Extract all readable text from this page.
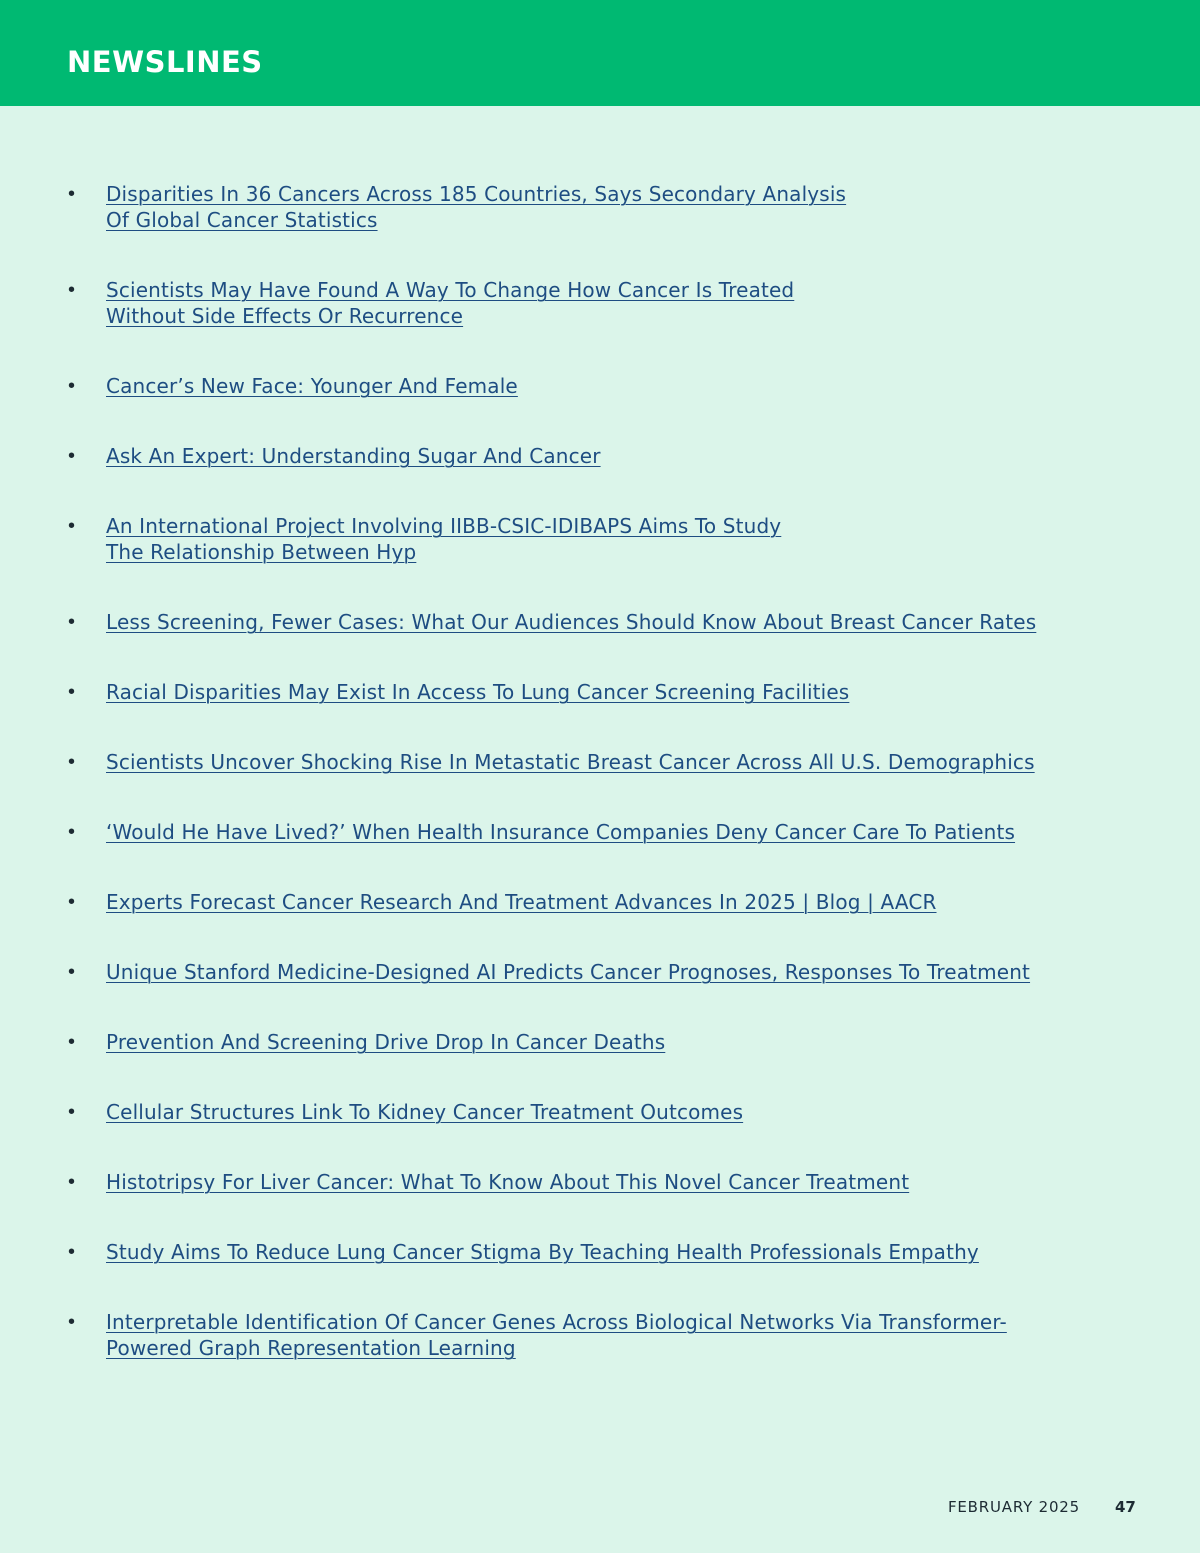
NEWSLINES
• Disparities In 36 Cancers Across 185 Countries, Says Secondary Analysis
Of Global Cancer Statistics
• Scientists May Have Found A Way To Change How Cancer Is Treated
Without Side Effects Or Recurrence
• Cancer’s New Face: Younger And Female
• Ask An Expert: Understanding Sugar And Cancer
• An International Project Involving IIBB-CSIC-IDIBAPS Aims To Study
The Relationship Between Hyp
• Less Screening, Fewer Cases: What Our Audiences Should Know About Breast Cancer Rates
• Racial Disparities May Exist In Access To Lung Cancer Screening Facilities
• Scientists Uncover Shocking Rise In Metastatic Breast Cancer Across All U.S. Demographics
• ‘Would He Have Lived?’ When Health Insurance Companies Deny Cancer Care To Patients
• Experts Forecast Cancer Research And Treatment Advances In 2025 | Blog | AACR
• Unique Stanford Medicine-Designed AI Predicts Cancer Prognoses, Responses To Treatment
• Prevention And Screening Drive Drop In Cancer Deaths
• Cellular Structures Link To Kidney Cancer Treatment Outcomes
• Histotripsy For Liver Cancer: What To Know About This Novel Cancer Treatment
• Study Aims To Reduce Lung Cancer Stigma By Teaching Health Professionals Empathy
• Interpretable Identification Of Cancer Genes Across Biological Networks Via Transformer-
Powered Graph Representation Learning
FEBRUARY 2025 47
